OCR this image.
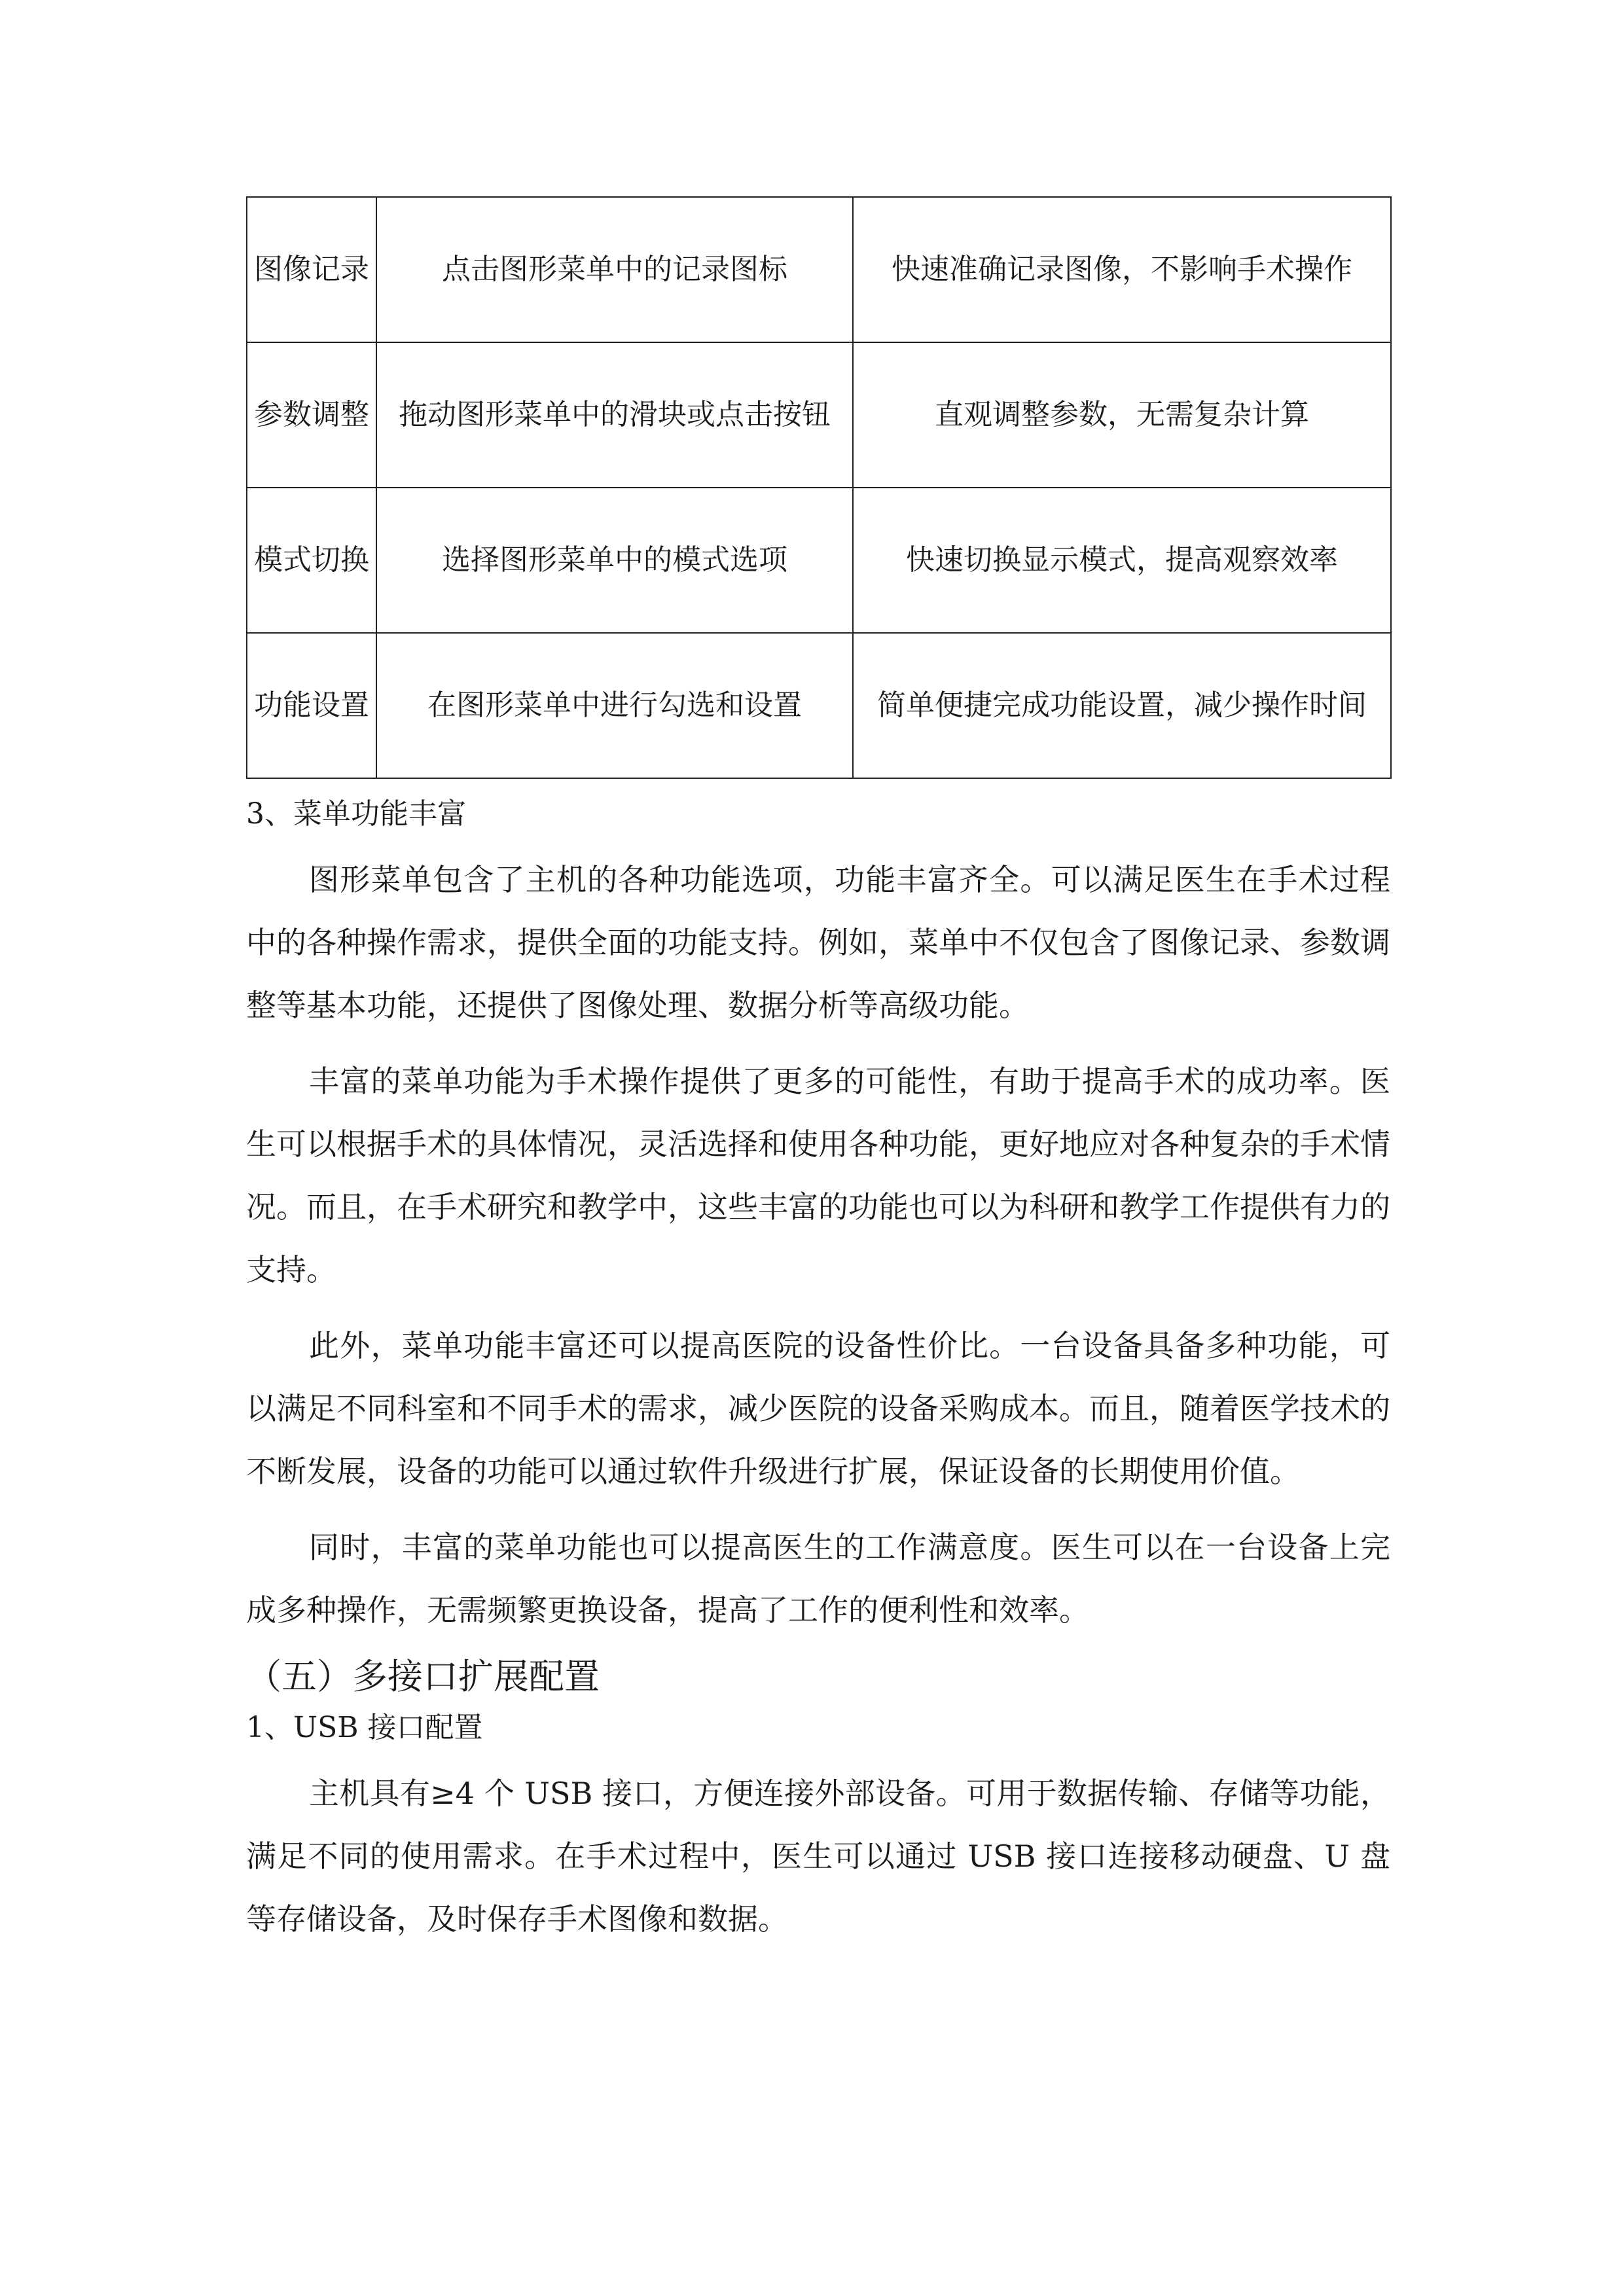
图像记录	点击图形菜单中的记录图标	快速准确记录图像，不影响手术操作
参数调整	拖动图形菜单中的滑块或点击按钮	直观调整参数，无需复杂计算
模式切换	选择图形菜单中的模式选项	快速切换显示模式，提高观察效率
功能设置	在图形菜单中进行勾选和设置	简单便捷完成功能设置，减少操作时间
3、菜单功能丰富

图形菜单包含了主机的各种功能选项，功能丰富齐全。可以满足医生在手术过程中的各种操作需求，提供全面的功能支持。例如，菜单中不仅包含了图像记录、参数调整等基本功能，还提供了图像处理、数据分析等高级功能。

丰富的菜单功能为手术操作提供了更多的可能性，有助于提高手术的成功率。医生可以根据手术的具体情况，灵活选择和使用各种功能，更好地应对各种复杂的手术情况。而且，在手术研究和教学中，这些丰富的功能也可以为科研和教学工作提供有力的支持。

此外，菜单功能丰富还可以提高医院的设备性价比。一台设备具备多种功能，可以满足不同科室和不同手术的需求，减少医院的设备采购成本。而且，随着医学技术的不断发展，设备的功能可以通过软件升级进行扩展，保证设备的长期使用价值。

同时，丰富的菜单功能也可以提高医生的工作满意度。医生可以在一台设备上完成多种操作，无需频繁更换设备，提高了工作的便利性和效率。

（五）多接口扩展配置
1、USB 接口配置

主机具有≥4 个 USB 接口，方便连接外部设备。可用于数据传输、存储等功能，满足不同的使用需求。在手术过程中，医生可以通过 USB 接口连接移动硬盘、U 盘等存储设备，及时保存手术图像和数据。
